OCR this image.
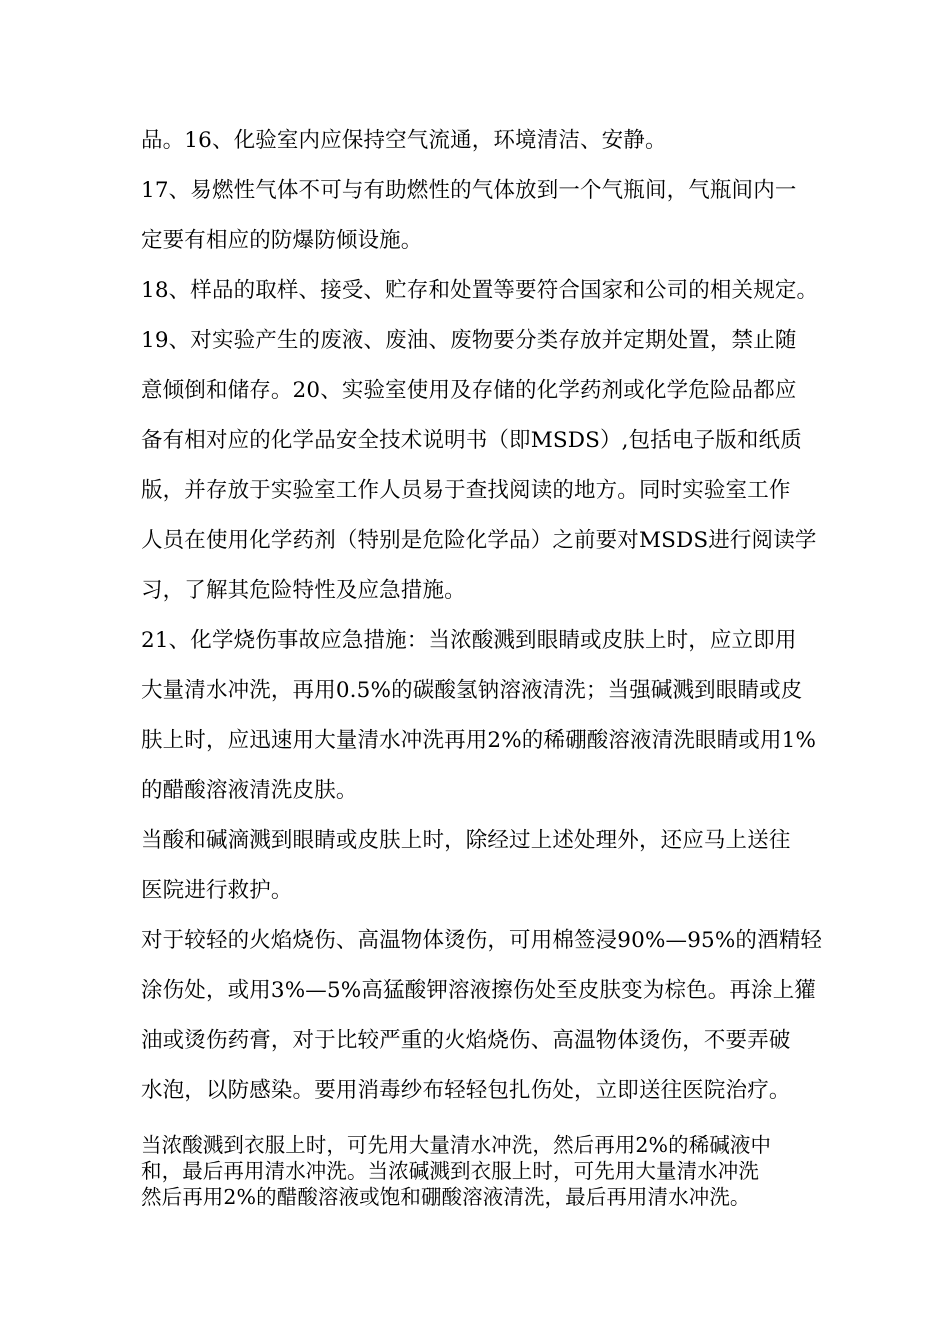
品。16、化验室内应保持空气流通，环境清洁、安静。
17、易燃性气体不可与有助燃性的气体放到一个气瓶间，气瓶间内一
定要有相应的防爆防倾设施。
18、样品的取样、接受、贮存和处置等要符合国家和公司的相关规定。
19、对实验产生的废液、废油、废物要分类存放并定期处置，禁止随
意倾倒和储存。20、实验室使用及存储的化学药剂或化学危险品都应
备有相对应的化学品安全技术说明书（即MSDS）,包括电子版和纸质
版，并存放于实验室工作人员易于查找阅读的地方。同时实验室工作
人员在使用化学药剂（特别是危险化学品）之前要对MSDS进行阅读学
习，了解其危险特性及应急措施。
21、化学烧伤事故应急措施：当浓酸溅到眼睛或皮肤上时，应立即用
大量清水冲洗，再用0.5%的碳酸氢钠溶液清洗；当强碱溅到眼睛或皮
肤上时，应迅速用大量清水冲洗再用2%的稀硼酸溶液清洗眼睛或用1%
的醋酸溶液清洗皮肤。
当酸和碱滴溅到眼睛或皮肤上时，除经过上述处理外，还应马上送往
医院进行救护。
对于较轻的火焰烧伤、高温物体烫伤，可用棉签浸90%—95%的酒精轻
涂伤处，或用3%—5%高猛酸钾溶液擦伤处至皮肤变为棕色。再涂上獾
油或烫伤药膏，对于比较严重的火焰烧伤、高温物体烫伤，不要弄破
水泡，以防感染。要用消毒纱布轻轻包扎伤处，立即送往医院治疗。
当浓酸溅到衣服上时，可先用大量清水冲洗，然后再用2%的稀碱液中
和，最后再用清水冲洗。当浓碱溅到衣服上时，可先用大量清水冲洗
然后再用2%的醋酸溶液或饱和硼酸溶液清洗，最后再用清水冲洗。
